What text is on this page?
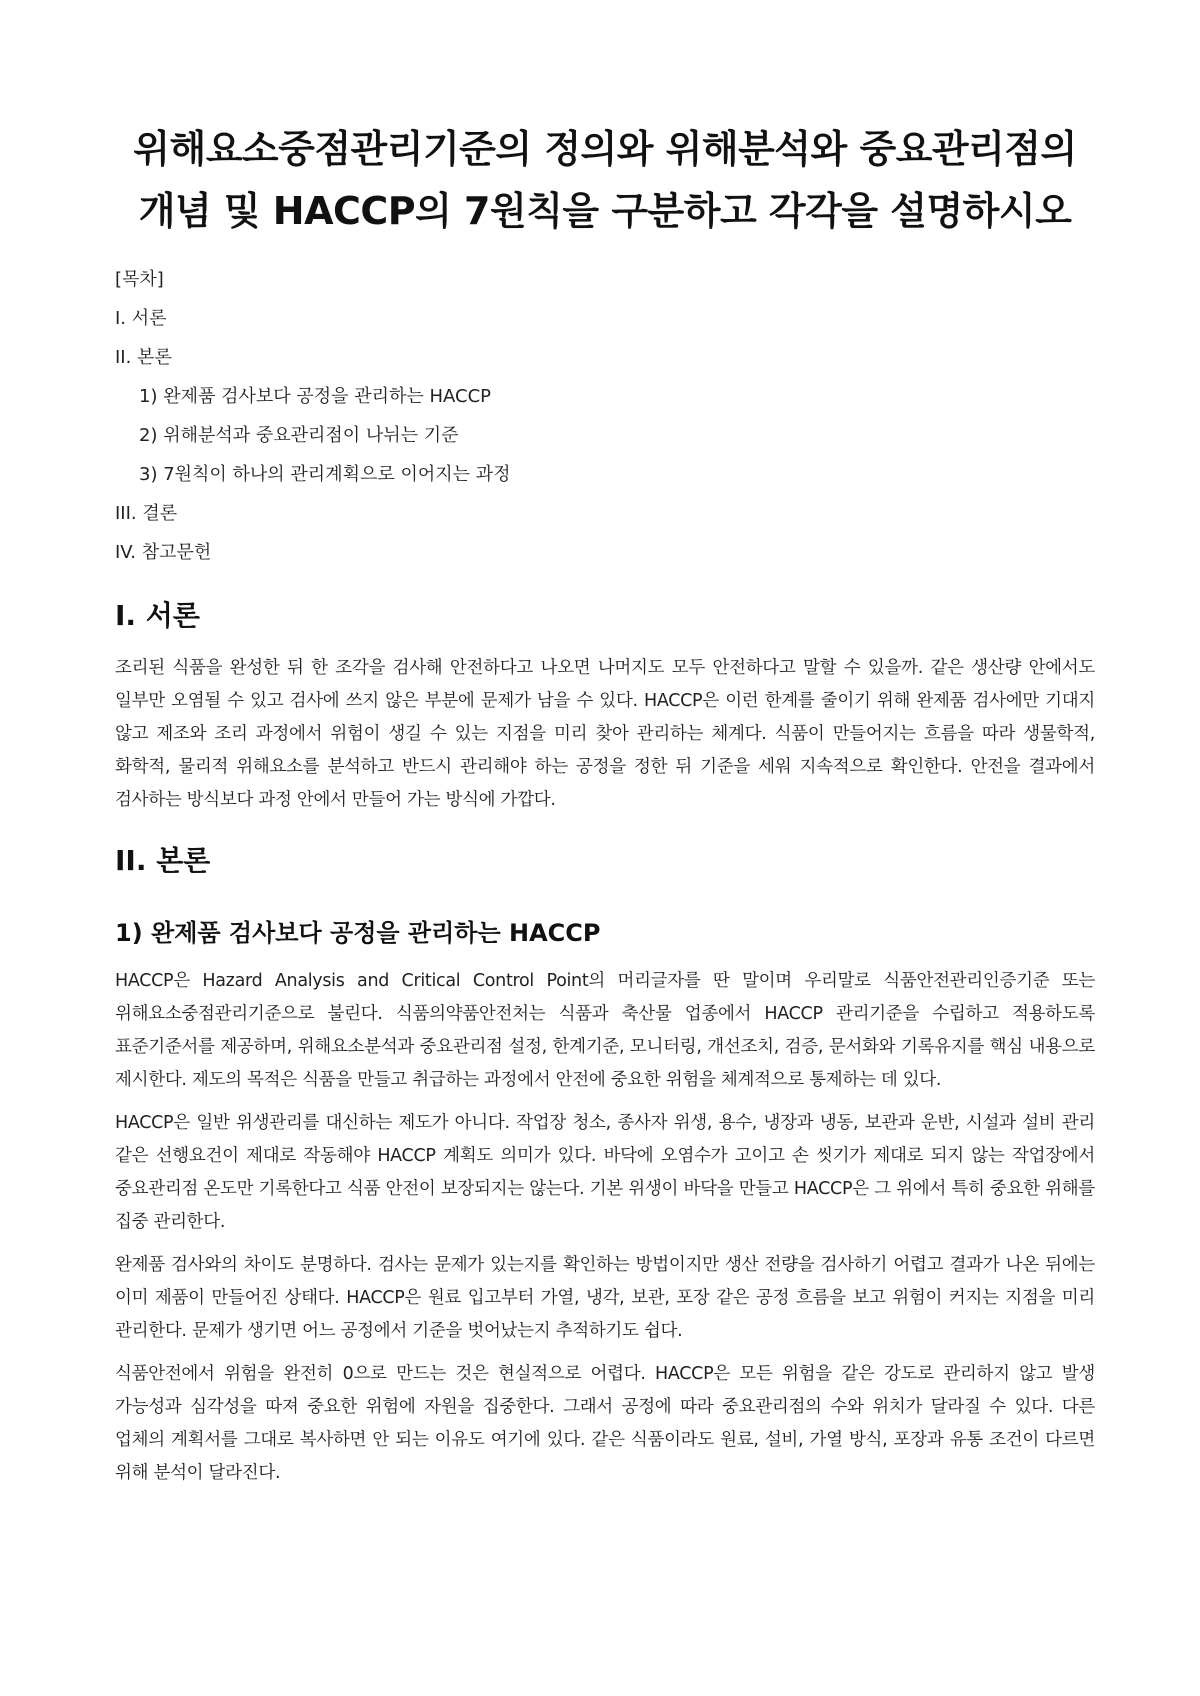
위해요소중점관리기준의 정의와 위해분석와 중요관리점의 개념 및 HACCP의 7원칙을 구분하고 각각을 설명하시오
[목차]
I. 서론
II. 본론
1) 완제품 검사보다 공정을 관리하는 HACCP
2) 위해분석과 중요관리점이 나뉘는 기준
3) 7원칙이 하나의 관리계획으로 이어지는 과정
III. 결론
IV. 참고문헌
I. 서론

조리된 식품을 완성한 뒤 한 조각을 검사해 안전하다고 나오면 나머지도 모두 안전하다고 말할 수 있을까. 같은 생산량 안에서도 일부만 오염될 수 있고 검사에 쓰지 않은 부분에 문제가 남을 수 있다. HACCP은 이런 한계를 줄이기 위해 완제품 검사에만 기대지 않고 제조와 조리 과정에서 위험이 생길 수 있는 지점을 미리 찾아 관리하는 체계다. 식품이 만들어지는 흐름을 따라 생물학적, 화학적, 물리적 위해요소를 분석하고 반드시 관리해야 하는 공정을 정한 뒤 기준을 세워 지속적으로 확인한다. 안전을 결과에서 검사하는 방식보다 과정 안에서 만들어 가는 방식에 가깝다.

II. 본론
1) 완제품 검사보다 공정을 관리하는 HACCP

HACCP은 Hazard Analysis and Critical Control Point의 머리글자를 딴 말이며 우리말로 식품안전관리인증기준 또는 위해요소중점관리기준으로 불린다. 식품의약품안전처는 식품과 축산물 업종에서 HACCP 관리기준을 수립하고 적용하도록 표준기준서를 제공하며, 위해요소분석과 중요관리점 설정, 한계기준, 모니터링, 개선조치, 검증, 문서화와 기록유지를 핵심 내용으로 제시한다. 제도의 목적은 식품을 만들고 취급하는 과정에서 안전에 중요한 위험을 체계적으로 통제하는 데 있다.

HACCP은 일반 위생관리를 대신하는 제도가 아니다. 작업장 청소, 종사자 위생, 용수, 냉장과 냉동, 보관과 운반, 시설과 설비 관리 같은 선행요건이 제대로 작동해야 HACCP 계획도 의미가 있다. 바닥에 오염수가 고이고 손 씻기가 제대로 되지 않는 작업장에서 중요관리점 온도만 기록한다고 식품 안전이 보장되지는 않는다. 기본 위생이 바닥을 만들고 HACCP은 그 위에서 특히 중요한 위해를 집중 관리한다.

완제품 검사와의 차이도 분명하다. 검사는 문제가 있는지를 확인하는 방법이지만 생산 전량을 검사하기 어렵고 결과가 나온 뒤에는 이미 제품이 만들어진 상태다. HACCP은 원료 입고부터 가열, 냉각, 보관, 포장 같은 공정 흐름을 보고 위험이 커지는 지점을 미리 관리한다. 문제가 생기면 어느 공정에서 기준을 벗어났는지 추적하기도 쉽다.

식품안전에서 위험을 완전히 0으로 만드는 것은 현실적으로 어렵다. HACCP은 모든 위험을 같은 강도로 관리하지 않고 발생 가능성과 심각성을 따져 중요한 위험에 자원을 집중한다. 그래서 공정에 따라 중요관리점의 수와 위치가 달라질 수 있다. 다른 업체의 계획서를 그대로 복사하면 안 되는 이유도 여기에 있다. 같은 식품이라도 원료, 설비, 가열 방식, 포장과 유통 조건이 다르면 위해 분석이 달라진다.
